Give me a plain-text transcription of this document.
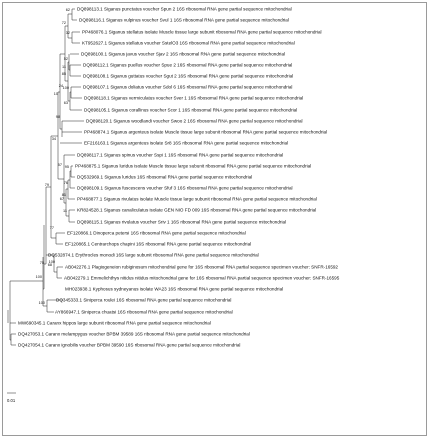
DQ898113.1 Siganus punctatus voucher Spun 2 16S ribosomal RNA gene partial sequence mitochondrial
DQ898116.1 Siganus vulpinus voucher Svul 1 16S ribosomal RNA gene partial sequence mitochondrial
PP468076.1 Siganus stellatus isolate Muscle tissue large subunit ribosomal RNA gene partial sequence mitochondrial
KT952627.1 Siganus stellatus voucher SstelO3 16S ribosomal RNA gene partial sequence mitochondrial
DQ898100.1 Siganus javus voucher Sjav 2 16S ribosomal RNA gene partial sequence mitochondrial
DQ898112.1 Siganus puellus voucher Spue 2 16S ribosomal RNA gene partial sequence mitochondrial
DQ898108.1 Siganus guttatus voucher Sgut 2 16S ribosomal RNA gene partial sequence mitochondrial
DQ898107.1 Siganus doliatus voucher Sdol 6 16S ribosomal RNA gene partial sequence mitochondrial
DQ898118.1 Siganus vermiculatus voucher Sver 1 16S ribosomal RNA gene partial sequence mitochondrial
DQ898105.1 Siganus corallinus voucher Scor 1 16S ribosomal RNA gene partial sequence mitochondrial
DQ898120.1 Siganus woodlandi voucher Swoo 2 16S ribosomal RNA gene partial sequence mitochondrial
PP468874.1 Siganus argenteus isolate Muscle tissue large subunit ribosomal RNA gene partial sequence mitochondrial
EF216163.1 Siganus argenteus isolate Sr8 16S ribosomal RNA gene partial sequence mitochondrial
DQ898117.1 Siganus spinus voucher Sspi 1 16S ribosomal RNA gene partial sequence mitochondrial
PP468875.1 Siganus luridus isolate Muscle tissue large subunit ribosomal RNA gene partial sequence mitochondrial
DQ532969.1 Siganus luridus 16S ribosomal RNA gene partial sequence mitochondrial
DQ898109.1 Siganus fuscescens voucher Sfuf 3 16S ribosomal RNA gene partial sequence mitochondrial
PP468877.1 Siganus rivulatus isolate Muscle tissue large subunit ribosomal RNA gene partial sequence mitochondrial
KR824528.1 Siganus canaliculatus isolate GEN NIO FD 009 16S ribosomal RNA gene partial sequence mitochondrial
DQ898115.1 Siganus rivulatus voucher Sriv 1 16S ribosomal RNA gene partial sequence mitochondrial
EF120866.1 Dinoperca petersi 16S ribosomal RNA gene partial sequence mitochondrial
EF120865.1 Centrarchops chapini 16S ribosomal RNA gene partial sequence mitochondrial
DQ532874.1 Erythrocles monodi 16S large subunit ribosomal RNA gene partial sequence mitochondrial
AB042276.1 Plagiogeneion rubiginosum mitochondrial gene for 16S ribosomal RNA partial sequence specimen voucher: SNFR-16592
AB042279.1 Emmelichthys nitidus nitidus mitochondrial gene for 16S ribosomal RNA partial sequence specimen voucher: SNFR-16595
MH023938.1 Kyphosus sydneyanus isolate WA23 16S ribosomal RNA gene partial sequence mitochondrial
DQ345333.1 Siniperca roulei 16S ribosomal RNA gene partial sequence mitochondrial
AY866947.1 Siniperca chuatsi 16S ribosomal RNA gene partial sequence mitochondrial
MW690345.1 Caranx hippos large subunit ribosomal RNA gene partial sequence mitochondrial
DQ427053.1 Caranx melampygus voucher BPBM 39589 16S ribosomal RNA gene partial sequence mitochondrial
DQ427054.1 Caranx ignobilis voucher BPBM 39590 16S ribosomal RNA gene partial sequence mitochondrial
62
32
72
52
11
100
63
85
24
98
10
95
76
81
11
67
57
34
77
79
100
68
75
100
100
0.01
